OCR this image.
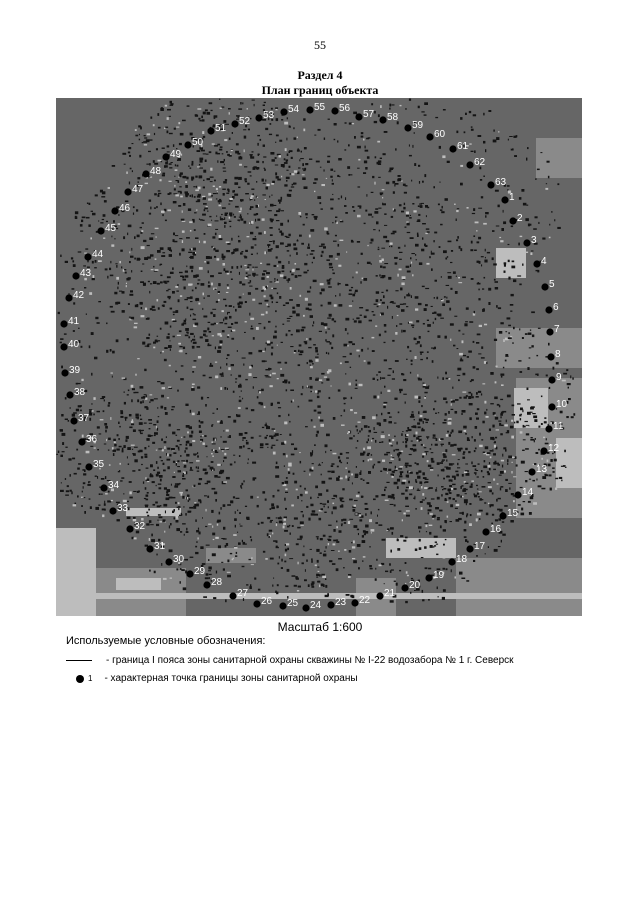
55
Раздел 4
План границ объекта
1
2
3
4
5
6
7
8
9
10
11
12
13
14
15
16
17
18
19
20
21
22
23
24
25
26
27
28
29
30
31
32
33
34
35
36
37
38
39
40
41
42
43
44
45
46
47
48
49
50
51
52
53
54 55 56
57 58
59
60
61
62
63
Масштаб 1:600
Используемые условные обозначения:
- граница I пояса зоны санитарной охраны скважины № I-22 водозабора № 1 г. Северск
1 - характерная точка границы зоны санитарной охраны
